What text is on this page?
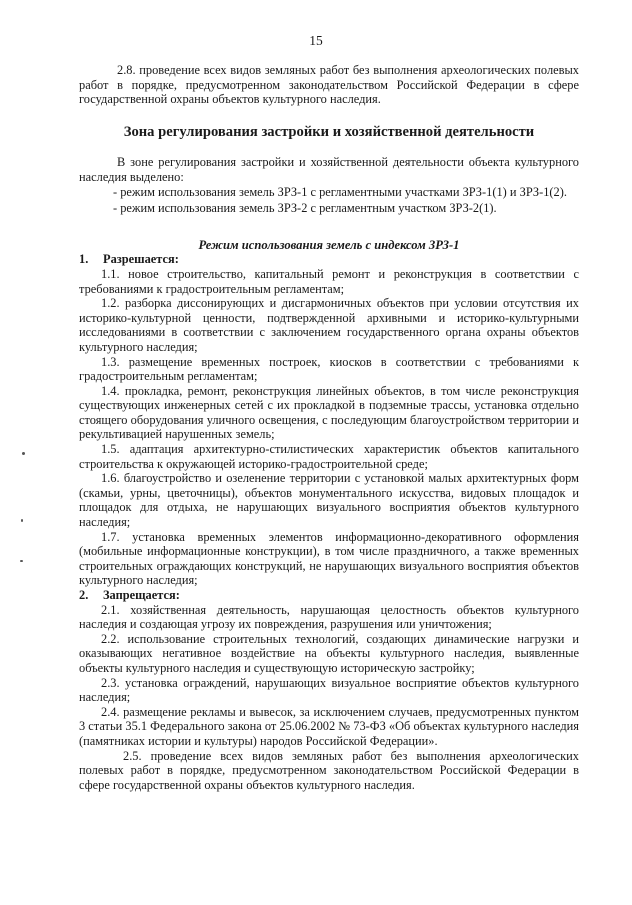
15

2.8. проведение всех видов земляных работ без выполнения археологических полевых работ в порядке, предусмотренном законодательством Российской Федерации в сфере государственной охраны объектов культурного наследия.

Зона регулирования застройки и хозяйственной деятельности

В зоне регулирования застройки и хозяйственной деятельности объекта культурного наследия выделено:

- режим использования земель ЗРЗ-1 с регламентными участками ЗРЗ-1(1) и ЗРЗ-1(2).

- режим использования земель ЗРЗ-2 с регламентным участком ЗРЗ-2(1).

Режим использования земель с индексом ЗРЗ-1

1. Разрешается:

1.1. новое строительство, капитальный ремонт и реконструкция в соответствии с требованиями к градостроительным регламентам;

1.2. разборка диссонирующих и дисгармоничных объектов при условии отсутствия их историко-культурной ценности, подтвержденной архивными и историко-культурными исследованиями в соответствии с заключением государственного органа охраны объектов культурного наследия;

1.3. размещение временных построек, киосков в соответствии с требованиями к градостроительным регламентам;

1.4. прокладка, ремонт, реконструкция линейных объектов, в том числе реконструкция существующих инженерных сетей с их прокладкой в подземные трассы, установка отдельно стоящего оборудования уличного освещения, с последующим благоустройством территории и рекультивацией нарушенных земель;

1.5. адаптация архитектурно-стилистических характеристик объектов капитального строительства к окружающей историко-градостроительной среде;

1.6. благоустройство и озеленение территории с установкой малых архитектурных форм (скамьи, урны, цветочницы), объектов монументального искусства, видовых площадок и площадок для отдыха, не нарушающих визуального восприятия объектов культурного наследия;

1.7. установка временных элементов информационно-декоративного оформления (мобильные информационные конструкции), в том числе праздничного, а также временных строительных ограждающих конструкций, не нарушающих визуального восприятия объектов культурного наследия;

2. Запрещается:

2.1. хозяйственная деятельность, нарушающая целостность объектов культурного наследия и создающая угрозу их повреждения, разрушения или уничтожения;

2.2. использование строительных технологий, создающих динамические нагрузки и оказывающих негативное воздействие на объекты культурного наследия, выявленные объекты культурного наследия и существующую историческую застройку;

2.3. установка ограждений, нарушающих визуальное восприятие объектов культурного наследия;

2.4. размещение рекламы и вывесок, за исключением случаев, предусмотренных пунктом 3 статьи 35.1 Федерального закона от 25.06.2002 № 73-ФЗ «Об объектах культурного наследия (памятниках истории и культуры) народов Российской Федерации».

2.5. проведение всех видов земляных работ без выполнения археологических полевых работ в порядке, предусмотренном законодательством Российской Федерации в сфере государственной охраны объектов культурного наследия.
